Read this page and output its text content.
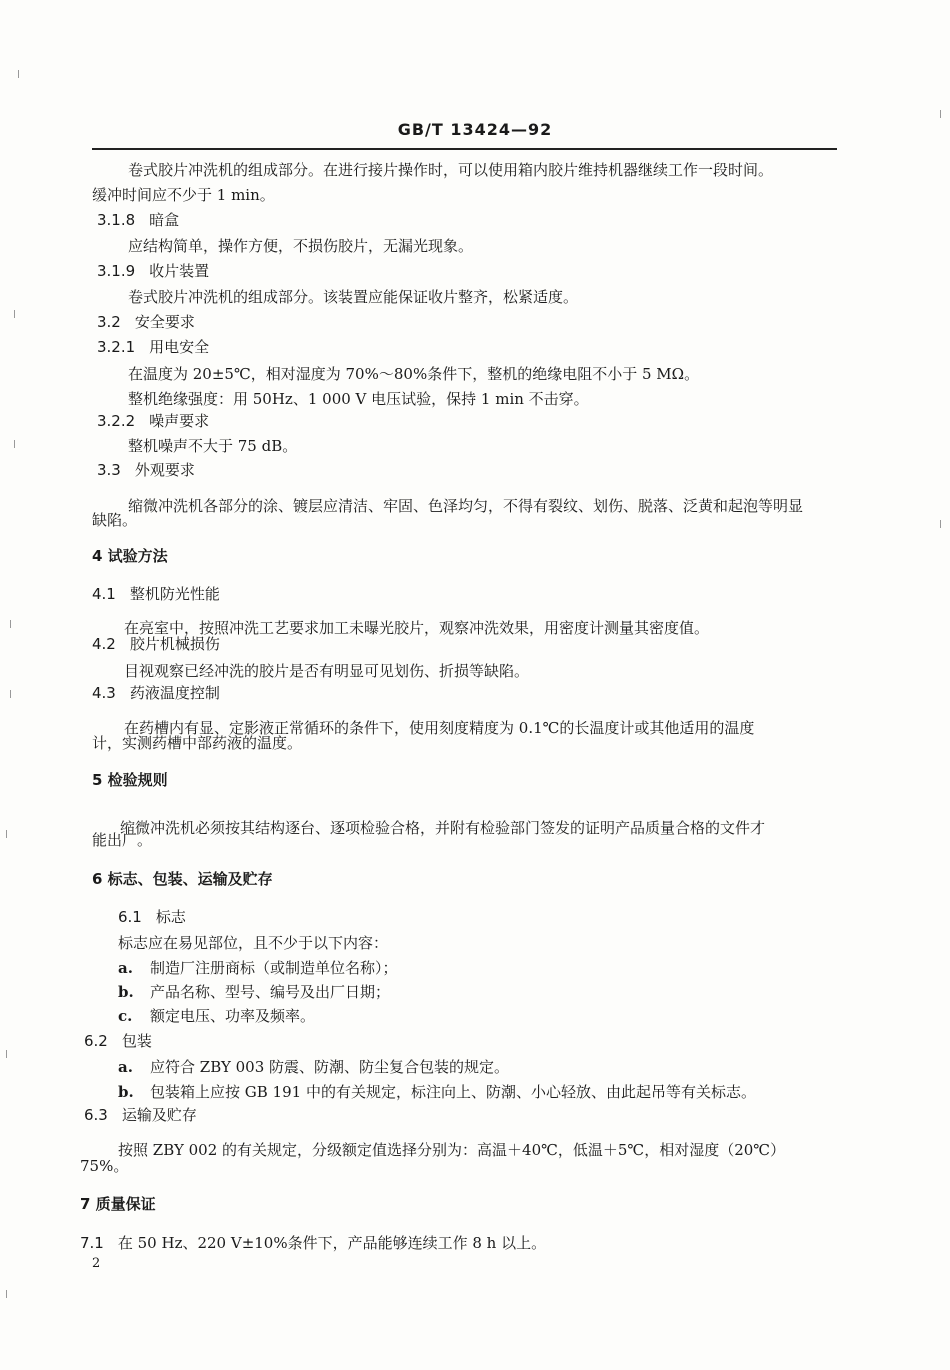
GB/T 13424—92
卷式胶片冲洗机的组成部分。在进行接片操作时，可以使用箱内胶片维持机器继续工作一段时间。
缓冲时间应不少于 1 min。
3.1.8 暗盒
应结构简单，操作方便，不损伤胶片，无漏光现象。
3.1.9 收片装置
卷式胶片冲洗机的组成部分。该装置应能保证收片整齐，松紧适度。
3.2 安全要求
3.2.1 用电安全
在温度为 20±5℃，相对湿度为 70%～80%条件下，整机的绝缘电阻不小于 5 MΩ。
整机绝缘强度：用 50Hz、1 000 V 电压试验，保持 1 min 不击穿。
3.2.2 噪声要求
整机噪声不大于 75 dB。
3.3 外观要求
缩微冲洗机各部分的涂、镀层应清洁、牢固、色泽均匀，不得有裂纹、划伤、脱落、泛黄和起泡等明显
缺陷。
4 试验方法
4.1 整机防光性能
在亮室中，按照冲洗工艺要求加工未曝光胶片，观察冲洗效果，用密度计测量其密度值。
4.2 胶片机械损伤
目视观察已经冲洗的胶片是否有明显可见划伤、折损等缺陷。
4.3 药液温度控制
在药槽内有显、定影液正常循环的条件下，使用刻度精度为 0.1℃的长温度计或其他适用的温度
计，实测药槽中部药液的温度。
5 检验规则
缩微冲洗机必须按其结构逐台、逐项检验合格，并附有检验部门签发的证明产品质量合格的文件才
能出厂。
6 标志、包装、运输及贮存
6.1 标志
标志应在易见部位，且不少于以下内容：
a. 制造厂注册商标（或制造单位名称）；
b. 产品名称、型号、编号及出厂日期；
c. 额定电压、功率及频率。
6.2 包装
a. 应符合 ZBY 003 防震、防潮、防尘复合包装的规定。
b. 包装箱上应按 GB 191 中的有关规定，标注向上、防潮、小心轻放、由此起吊等有关标志。
6.3 运输及贮存
按照 ZBY 002 的有关规定，分级额定值选择分别为：高温＋40℃，低温＋5℃，相对湿度（20℃）
75%。
7 质量保证
7.1 在 50 Hz、220 V±10%条件下，产品能够连续工作 8 h 以上。
2
